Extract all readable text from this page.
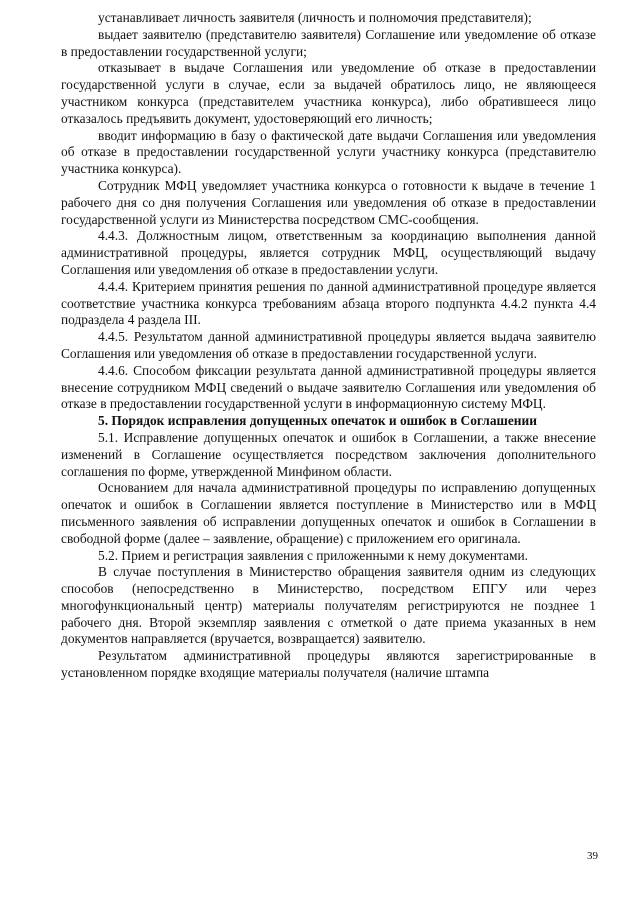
устанавливает личность заявителя (личность и полномочия представителя);

выдает заявителю (представителю заявителя) Соглашение или уведомление об отказе в предоставлении государственной услуги;

отказывает в выдаче Соглашения или уведомление об отказе в предоставлении государственной услуги в случае, если за выдачей обратилось лицо, не являющееся участником конкурса (представителем участника конкурса), либо обратившееся лицо отказалось предъявить документ, удостоверяющий его личность;

вводит информацию в базу о фактической дате выдачи Соглашения или уведомления об отказе в предоставлении государственной услуги участнику конкурса (представителю участника конкурса).

Сотрудник МФЦ уведомляет участника конкурса о готовности к выдаче в течение 1 рабочего дня со дня получения Соглашения или уведомления об отказе в предоставлении государственной услуги из Министерства посредством СМС-сообщения.

4.4.3. Должностным лицом, ответственным за координацию выполнения данной административной процедуры, является сотрудник МФЦ, осуществляющий выдачу Соглашения или уведомления об отказе в предоставлении услуги.

4.4.4. Критерием принятия решения по данной административной процедуре является соответствие участника конкурса требованиям абзаца второго подпункта 4.4.2 пункта 4.4 подраздела 4 раздела III.

4.4.5. Результатом данной административной процедуры является выдача заявителю Соглашения или уведомления об отказе в предоставлении государственной услуги.

4.4.6. Способом фиксации результата данной административной процедуры является внесение сотрудником МФЦ сведений о выдаче заявителю Соглашения или уведомления об отказе в предоставлении государственной услуги в информационную систему МФЦ.

5. Порядок исправления допущенных опечаток и ошибок в Соглашении

5.1. Исправление допущенных опечаток и ошибок в Соглашении, а также внесение изменений в Соглашение осуществляется посредством заключения дополнительного соглашения по форме, утвержденной Минфином области.

Основанием для начала административной процедуры по исправлению допущенных опечаток и ошибок в Соглашении является поступление в Министерство или в МФЦ письменного заявления об исправлении допущенных опечаток и ошибок в Соглашении в свободной форме (далее – заявление, обращение) с приложением его оригинала.

5.2. Прием и регистрация заявления с приложенными к нему документами.

В случае поступления в Министерство обращения заявителя одним из следующих способов (непосредственно в Министерство, посредством ЕПГУ или через многофункциональный центр) материалы получателям регистрируются не позднее 1 рабочего дня. Второй экземпляр заявления с отметкой о дате приема указанных в нем документов направляется (вручается, возвращается) заявителю.

Результатом административной процедуры являются зарегистрированные в установленном порядке входящие материалы получателя (наличие штампа

39
